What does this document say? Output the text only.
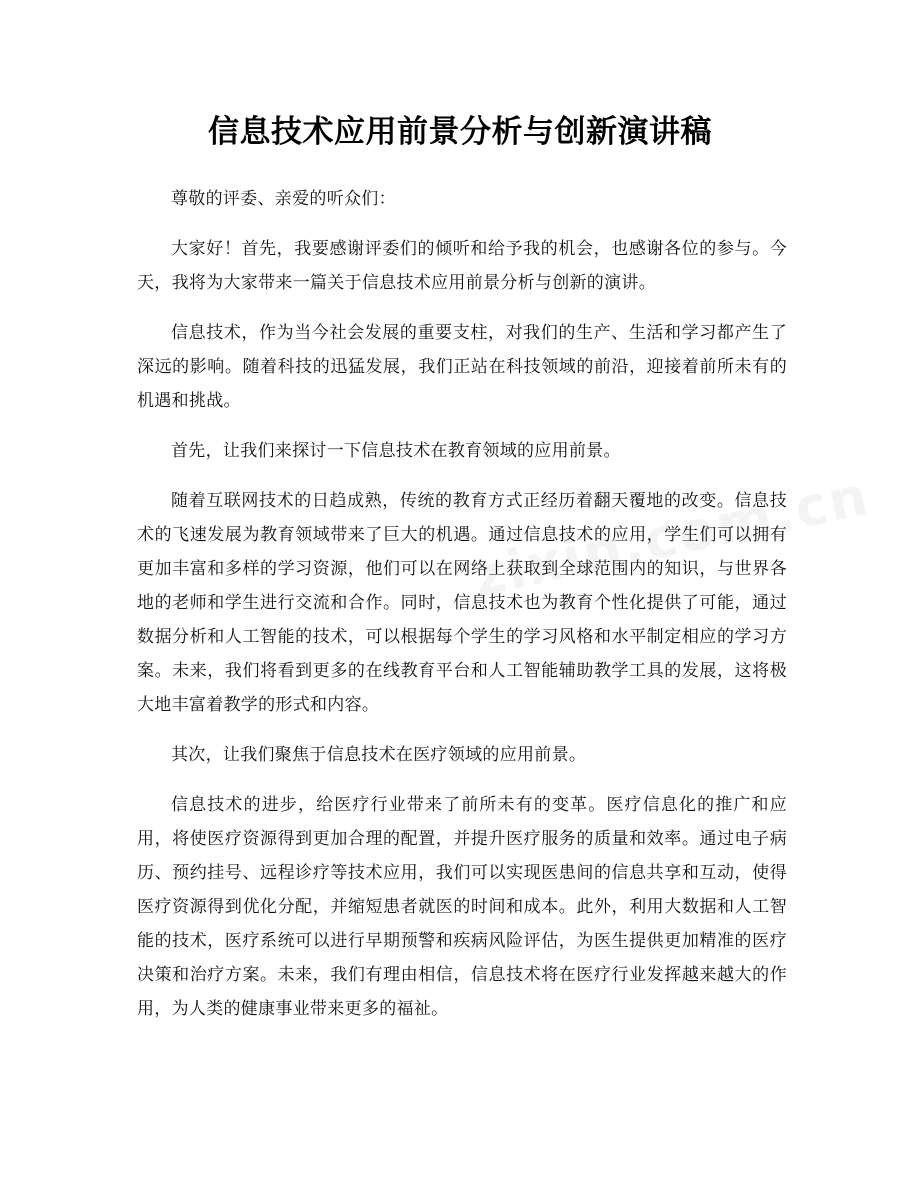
信息技术应用前景分析与创新演讲稿

尊敬的评委、亲爱的听众们：

大家好！首先，我要感谢评委们的倾听和给予我的机会，也感谢各位的参与。今天，我将为大家带来一篇关于信息技术应用前景分析与创新的演讲。

信息技术，作为当今社会发展的重要支柱，对我们的生产、生活和学习都产生了深远的影响。随着科技的迅猛发展，我们正站在科技领域的前沿，迎接着前所未有的机遇和挑战。

首先，让我们来探讨一下信息技术在教育领域的应用前景。

随着互联网技术的日趋成熟，传统的教育方式正经历着翻天覆地的改变。信息技术的飞速发展为教育领域带来了巨大的机遇。通过信息技术的应用，学生们可以拥有更加丰富和多样的学习资源，他们可以在网络上获取到全球范围内的知识，与世界各地的老师和学生进行交流和合作。同时，信息技术也为教育个性化提供了可能，通过数据分析和人工智能的技术，可以根据每个学生的学习风格和水平制定相应的学习方案。未来，我们将看到更多的在线教育平台和人工智能辅助教学工具的发展，这将极大地丰富着教学的形式和内容。

其次，让我们聚焦于信息技术在医疗领域的应用前景。

信息技术的进步，给医疗行业带来了前所未有的变革。医疗信息化的推广和应用，将使医疗资源得到更加合理的配置，并提升医疗服务的质量和效率。通过电子病历、预约挂号、远程诊疗等技术应用，我们可以实现医患间的信息共享和互动，使得医疗资源得到优化分配，并缩短患者就医的时间和成本。此外，利用大数据和人工智能的技术，医疗系统可以进行早期预警和疾病风险评估，为医生提供更加精准的医疗决策和治疗方案。未来，我们有理由相信，信息技术将在医疗行业发挥越来越大的作用，为人类的健康事业带来更多的福祉。
